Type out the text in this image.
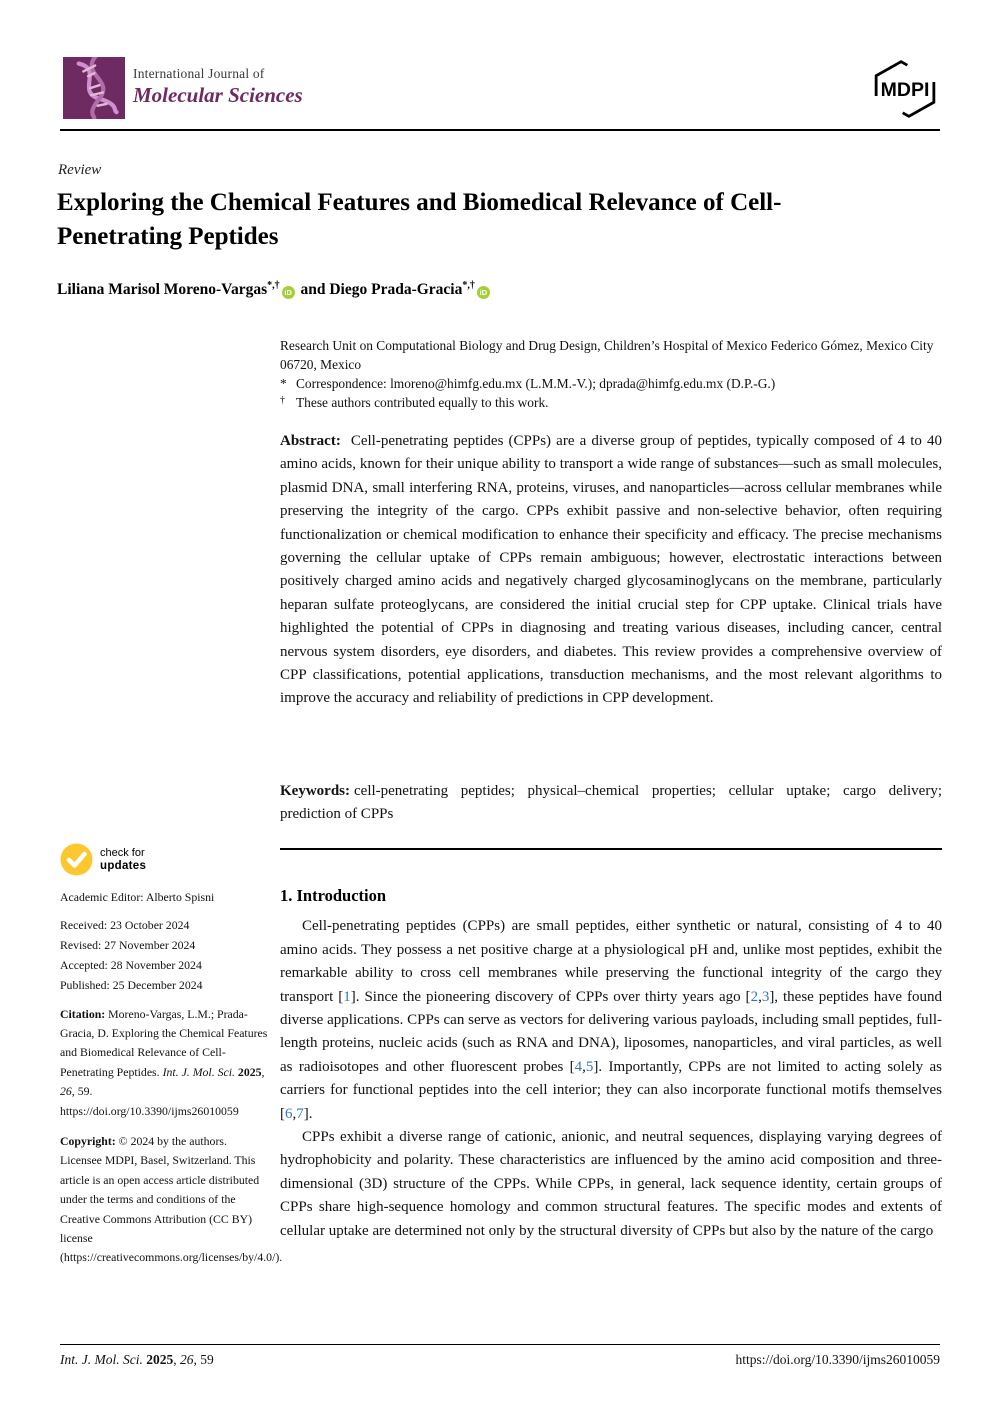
International Journal of
Molecular Sciences	MDPI
Review
Exploring the Chemical Features and Biomedical Relevance of Cell-Penetrating Peptides
Liliana Marisol Moreno-Vargas*,†iD and Diego Prada-Gracia*,†iD
Research Unit on Computational Biology and Drug Design, Children’s Hospital of Mexico Federico Gómez, Mexico City 06720, Mexico
* Correspondence: lmoreno@himfg.edu.mx (L.M.M.-V.); dprada@himfg.edu.mx (D.P.-G.)
† These authors contributed equally to this work.
Abstract: Cell-penetrating peptides (CPPs) are a diverse group of peptides, typically composed of 4 to 40 amino acids, known for their unique ability to transport a wide range of substances—such as small molecules, plasmid DNA, small interfering RNA, proteins, viruses, and nanoparticles—across cellular membranes while preserving the integrity of the cargo. CPPs exhibit passive and non-selective behavior, often requiring functionalization or chemical modification to enhance their specificity and efficacy. The precise mechanisms governing the cellular uptake of CPPs remain ambiguous; however, electrostatic interactions between positively charged amino acids and negatively charged glycosaminoglycans on the membrane, particularly heparan sulfate proteoglycans, are considered the initial crucial step for CPP uptake. Clinical trials have highlighted the potential of CPPs in diagnosing and treating various diseases, including cancer, central nervous system disorders, eye disorders, and diabetes. This review provides a comprehensive overview of CPP classifications, potential applications, transduction mechanisms, and the most relevant algorithms to improve the accuracy and reliability of predictions in CPP development.
Keywords: cell-penetrating peptides; physical–chemical properties; cellular uptake; cargo delivery; prediction of CPPs
check for
updates
Academic Editor: Alberto Spisni
Received: 23 October 2024
Revised: 27 November 2024
Accepted: 28 November 2024
Published: 25 December 2024

Citation: Moreno-Vargas, L.M.; Prada-Gracia, D. Exploring the Chemical Features and Biomedical Relevance of Cell-Penetrating Peptides. Int. J. Mol. Sci. 2025, 26, 59. https://doi.org/10.3390/ijms26010059

Copyright: © 2024 by the authors. Licensee MDPI, Basel, Switzerland. This article is an open access article distributed under the terms and conditions of the Creative Commons Attribution (CC BY) license (https://creativecommons.org/licenses/by/4.0/).

1. Introduction

Cell-penetrating peptides (CPPs) are small peptides, either synthetic or natural, consisting of 4 to 40 amino acids. They possess a net positive charge at a physiological pH and, unlike most peptides, exhibit the remarkable ability to cross cell membranes while preserving the functional integrity of the cargo they transport [1]. Since the pioneering discovery of CPPs over thirty years ago [2,3], these peptides have found diverse applications. CPPs can serve as vectors for delivering various payloads, including small peptides, full-length proteins, nucleic acids (such as RNA and DNA), liposomes, nanoparticles, and viral particles, as well as radioisotopes and other fluorescent probes [4,5]. Importantly, CPPs are not limited to acting solely as carriers for functional peptides into the cell interior; they can also incorporate functional motifs themselves [6,7].

CPPs exhibit a diverse range of cationic, anionic, and neutral sequences, displaying varying degrees of hydrophobicity and polarity. These characteristics are influenced by the amino acid composition and three-dimensional (3D) structure of the CPPs. While CPPs, in general, lack sequence identity, certain groups of CPPs share high-sequence homology and common structural features. The specific modes and extents of cellular uptake are determined not only by the structural diversity of CPPs but also by the nature of the cargo

Int. J. Mol. Sci. 2025, 26, 59	https://doi.org/10.3390/ijms26010059
